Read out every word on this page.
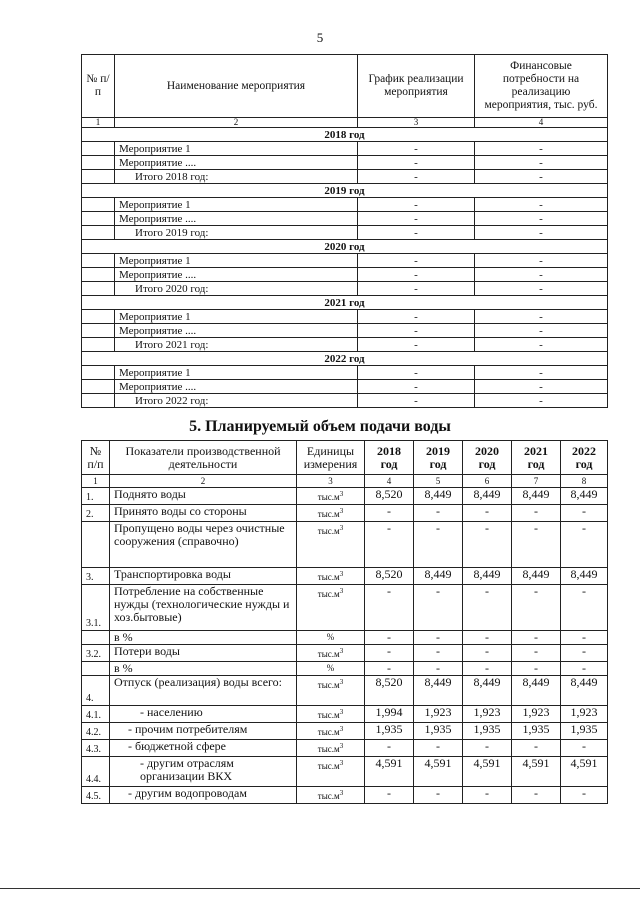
5
№ п/п	Наименование мероприятия	График реализации мероприятия	Финансовые потребности на реализацию мероприятия, тыс. руб.
1	2	3	4
2018 год			
	Мероприятие 1	-	-
	Мероприятие ....	-	-
	Итого 2018 год:	-	-
2019 год			
	Мероприятие 1	-	-
	Мероприятие ....	-	-
	Итого 2019 год:	-	-
2020 год			
	Мероприятие 1	-	-
	Мероприятие ....	-	-
	Итого 2020 год:	-	-
2021 год			
	Мероприятие 1	-	-
	Мероприятие ....	-	-
	Итого 2021 год:	-	-
2022 год			
	Мероприятие 1	-	-
	Мероприятие ....	-	-
	Итого 2022 год:	-	-
5. Планируемый объем подачи воды
№ п/п	Показатели производственной деятельности	Единицы измерения	2018 год	2019 год	2020 год	2021 год	2022 год
1	2	3	4	5	6	7	8
1.	Поднято воды	$тыс.м^3$	8,520	8,449	8,449	8,449	8,449
2.	Принято воды со стороны	$тыс.м^3$	-	-	-	-	-
	Пропущено воды через очистные сооружения (справочно)	$тыс.м^3$	-	-	-	-	-
3.	Транспортировка воды	$тыс.м^3$	8,520	8,449	8,449	8,449	8,449
3.1.	Потребление на собственные нужды (технологические нужды и хоз.бытовые)	$тыс.м^3$	-	-	-	-	-
	в %	%	-	-	-	-	-
3.2.	Потери воды	$тыс.м^3$	-	-	-	-	-
	в %	%	-	-	-	-	-
4.	Отпуск (реализация) воды всего:	$тыс.м^3$	8,520	8,449	8,449	8,449	8,449
4.1.	- населению	$тыс.м^3$	1,994	1,923	1,923	1,923	1,923
4.2.	- прочим потребителям	$тыс.м^3$	1,935	1,935	1,935	1,935	1,935
4.3.	- бюджетной сфере	$тыс.м^3$	-	-	-	-	-
4.4.	- другим отраслям организации ВКХ	$тыс.м^3$	4,591	4,591	4,591	4,591	4,591
4.5.	- другим водопроводам	$тыс.м^3$	-	-	-	-	-
